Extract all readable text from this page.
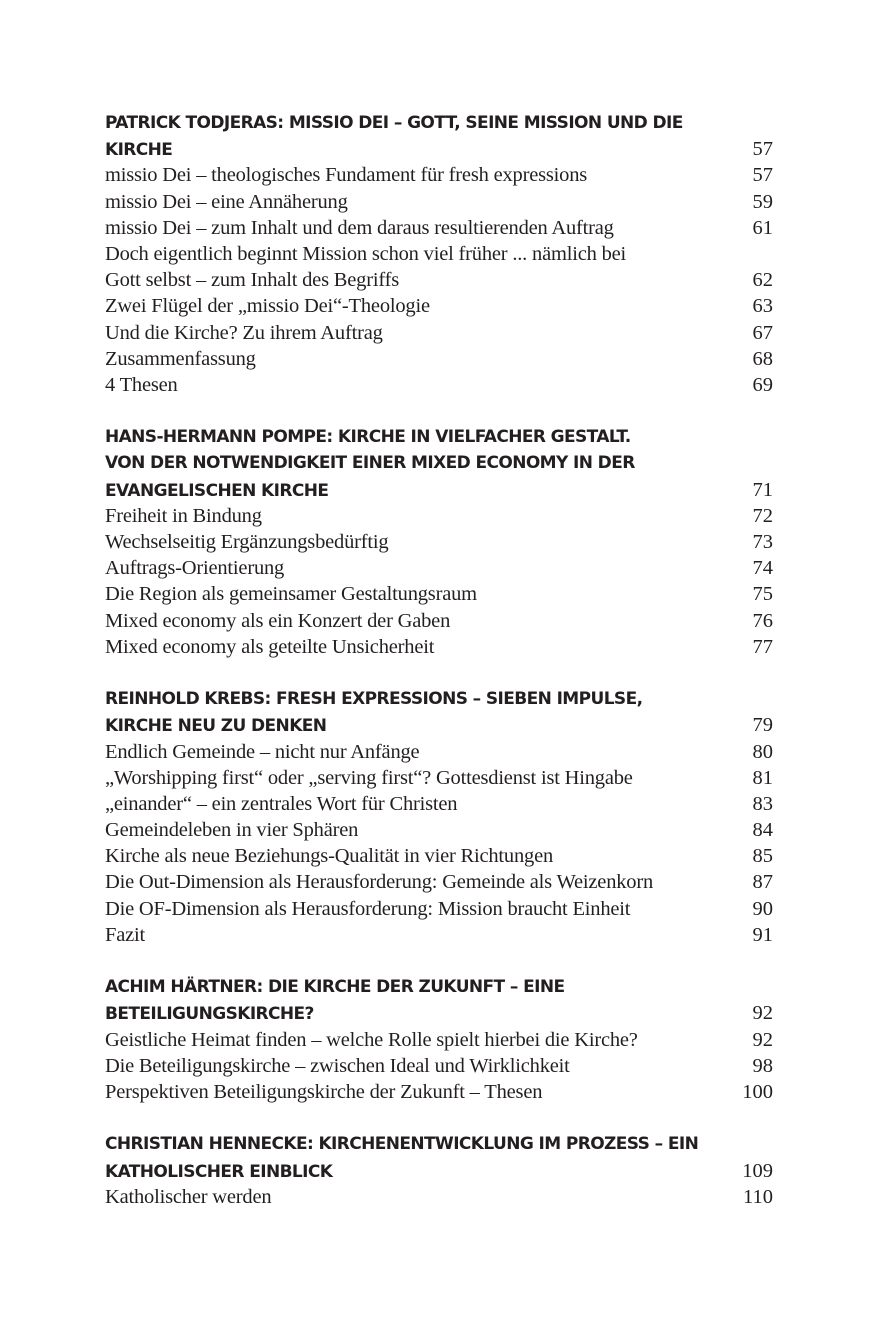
PATRICK TODJERAS: MISSIO DEI – GOTT, SEINE MISSION UND DIE
KIRCHE	57
missio Dei – theologisches Fundament für fresh expressions	57
missio Dei – eine Annäherung	59
missio Dei – zum Inhalt und dem daraus resultierenden Auftrag	61
Doch eigentlich beginnt Mission schon viel früher ... nämlich bei
Gott selbst – zum Inhalt des Begriffs	62
Zwei Flügel der „missio Dei“-Theologie	63
Und die Kirche? Zu ihrem Auftrag	67
Zusammenfassung	68
4 Thesen	69
HANS-HERMANN POMPE: KIRCHE IN VIELFACHER GESTALT.
VON DER NOTWENDIGKEIT EINER MIXED ECONOMY IN DER
EVANGELISCHEN KIRCHE	71
Freiheit in Bindung	72
Wechselseitig Ergänzungsbedürftig	73
Auftrags-Orientierung	74
Die Region als gemeinsamer Gestaltungsraum	75
Mixed economy als ein Konzert der Gaben	76
Mixed economy als geteilte Unsicherheit	77
REINHOLD KREBS: FRESH EXPRESSIONS – SIEBEN IMPULSE,
KIRCHE NEU ZU DENKEN	79
Endlich Gemeinde – nicht nur Anfänge	80
„Worshipping first“ oder „serving first“? Gottesdienst ist Hingabe	81
„einander“ – ein zentrales Wort für Christen	83
Gemeindeleben in vier Sphären	84
Kirche als neue Beziehungs-Qualität in vier Richtungen	85
Die Out-Dimension als Herausforderung: Gemeinde als Weizenkorn	87
Die OF-Dimension als Herausforderung: Mission braucht Einheit	90
Fazit	91
ACHIM HÄRTNER: DIE KIRCHE DER ZUKUNFT – EINE
BETEILIGUNGSKIRCHE?	92
Geistliche Heimat finden – welche Rolle spielt hierbei die Kirche?	92
Die Beteiligungskirche – zwischen Ideal und Wirklichkeit	98
Perspektiven Beteiligungskirche der Zukunft – Thesen	100
CHRISTIAN HENNECKE: KIRCHENENTWICKLUNG IM PROZESS – EIN
KATHOLISCHER EINBLICK	109
Katholischer werden	110
